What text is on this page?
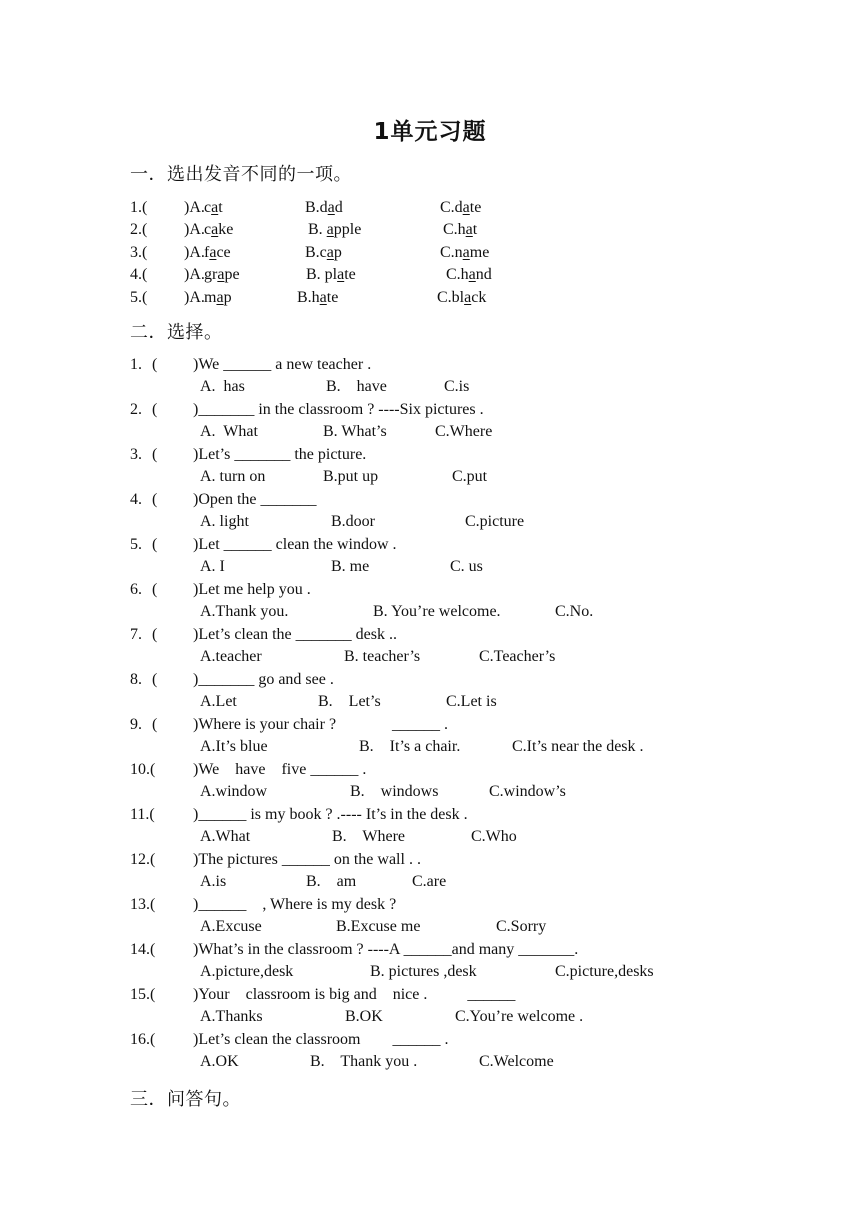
1单元习题
一．选出发音不同的一项。
1.( )A. cat	B.dad	C.date
2.( )A. cake	B. apple	C.hat
3.( )A. face	B.cap	C.name
4.( )A. grape	B. plate	C.hand
5.( )A. map	B.hate	C.black
二．选择。
1. ( )We ______ a new teacher .
A.  has	B.    have	C.is
2. ( )_______ in the classroom ? ----Six pictures .
A.  What	B. What’s	C.Where
3. ( )Let’s _______ the picture.
A. turn on	B.put up	C.put
4. ( )Open the _______
A. light	B.door	C.picture
5. ( )Let ______ clean the window .
A. I	B. me	C. us
6. ( )Let me help you .
A.Thank you.	B. You’re welcome.	C.No.
7. ( )Let’s clean the _______ desk ..
A.teacher	B. teacher’s	C.Teacher’s
8. ( )_______ go and see .
A.Let	B.    Let’s	C.Let is
9. ( )Where is your chair ?              ______ .
A.It’s blue	B.    It’s a chair.	C.It’s near the desk .
10.( )We    have    five ______ .
A.window	B.    windows	C.window’s
11.( )______ is my book ? .---- It’s in the desk .
A.What	B.    Where	C.Who
12.( )The pictures ______ on the wall . .
A.is	B.    am	C.are
13.( )______    , Where is my desk ?
A.Excuse	B.Excuse me	C.Sorry
14.( )What’s in the classroom ? ----A ______and many _______.
A.picture,desk	B. pictures ,desk	C.picture,desks
15.( )Your    classroom is big and    nice .          ______
A.Thanks	B.OK	C.You’re welcome .
16.( )Let’s clean the classroom        ______ .
A.OK	B.    Thank you .	C.Welcome
三．问答句。
